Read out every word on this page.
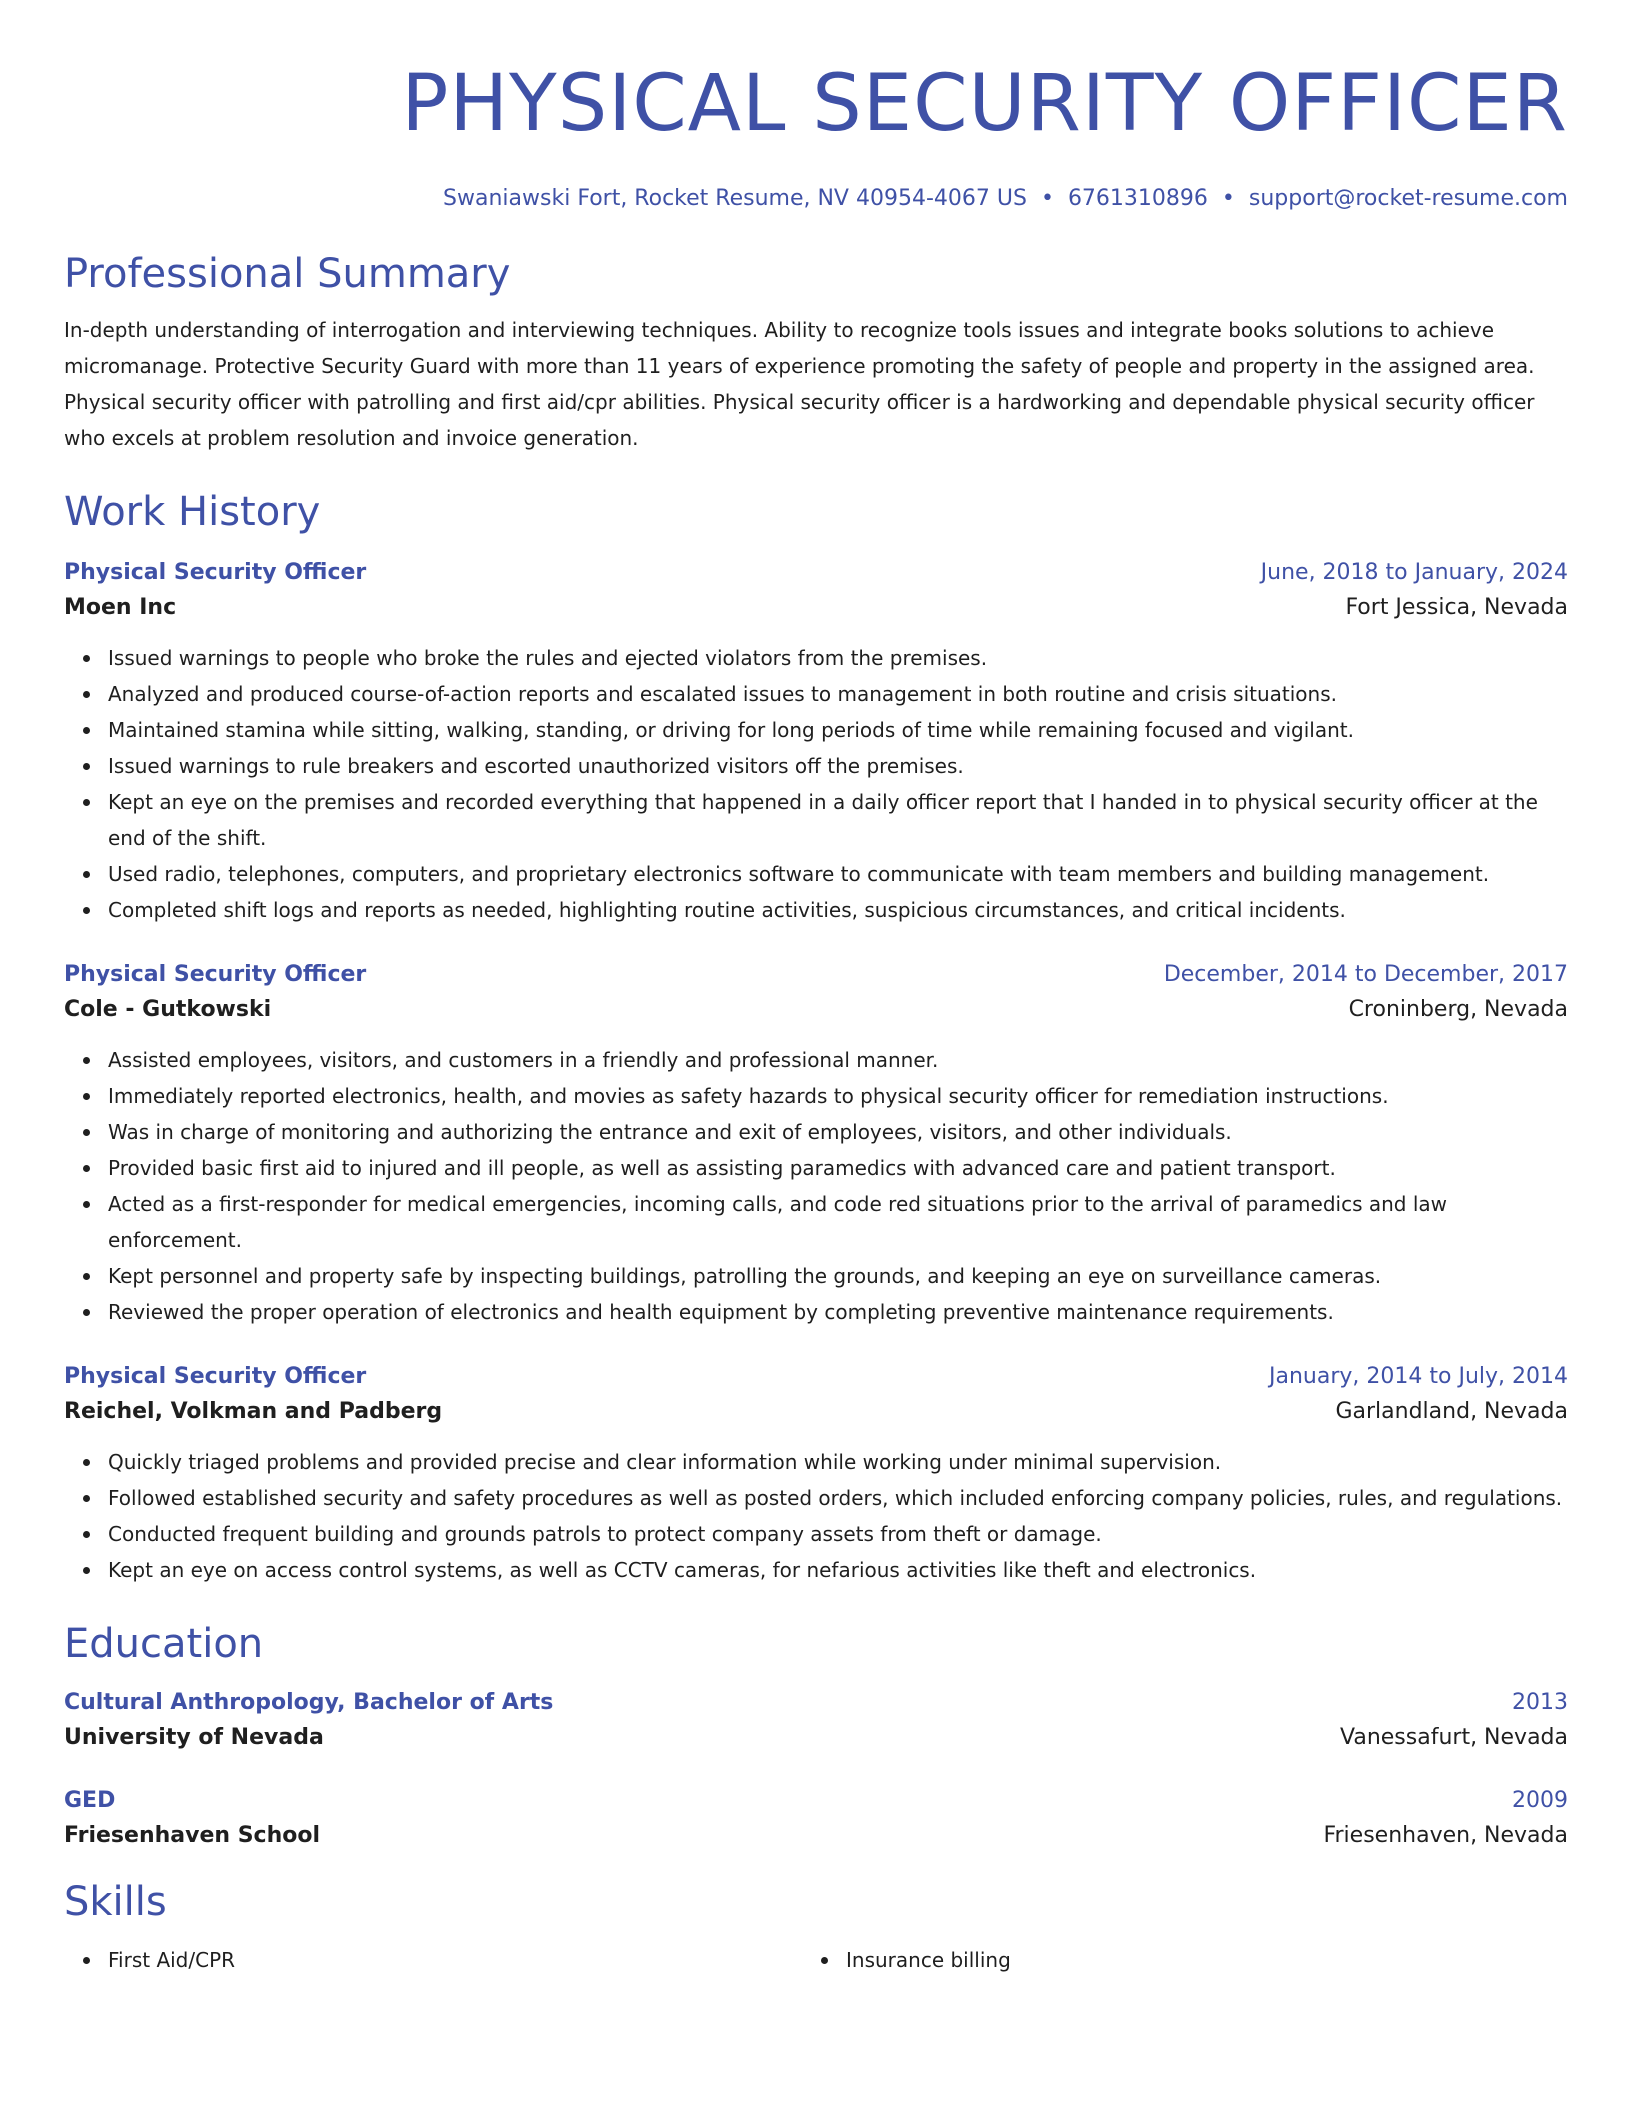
PHYSICAL SECURITY OFFICER
Swaniawski Fort, Rocket Resume, NV 40954-4067 US • 6761310896 • support@rocket-resume.com
Professional Summary
In-depth understanding of interrogation and interviewing techniques. Ability to recognize tools issues and integrate books solutions to achieve micromanage. Protective Security Guard with more than 11 years of experience promoting the safety of people and property in the assigned area. Physical security officer with patrolling and first aid/cpr abilities. Physical security officer is a hardworking and dependable physical security officer who excels at problem resolution and invoice generation.
Work History
Physical Security Officer	June, 2018 to January, 2024
Moen Inc	Fort Jessica, Nevada
Issued warnings to people who broke the rules and ejected violators from the premises.
Analyzed and produced course-of-action reports and escalated issues to management in both routine and crisis situations.
Maintained stamina while sitting, walking, standing, or driving for long periods of time while remaining focused and vigilant.
Issued warnings to rule breakers and escorted unauthorized visitors off the premises.
Kept an eye on the premises and recorded everything that happened in a daily officer report that I handed in to physical security officer at the end of the shift.
Used radio, telephones, computers, and proprietary electronics software to communicate with team members and building management.
Completed shift logs and reports as needed, highlighting routine activities, suspicious circumstances, and critical incidents.
Physical Security Officer	December, 2014 to December, 2017
Cole - Gutkowski	Croninberg, Nevada
Assisted employees, visitors, and customers in a friendly and professional manner.
Immediately reported electronics, health, and movies as safety hazards to physical security officer for remediation instructions.
Was in charge of monitoring and authorizing the entrance and exit of employees, visitors, and other individuals.
Provided basic first aid to injured and ill people, as well as assisting paramedics with advanced care and patient transport.
Acted as a first-responder for medical emergencies, incoming calls, and code red situations prior to the arrival of paramedics and law enforcement.
Kept personnel and property safe by inspecting buildings, patrolling the grounds, and keeping an eye on surveillance cameras.
Reviewed the proper operation of electronics and health equipment by completing preventive maintenance requirements.
Physical Security Officer	January, 2014 to July, 2014
Reichel, Volkman and Padberg	Garlandland, Nevada
Quickly triaged problems and provided precise and clear information while working under minimal supervision.
Followed established security and safety procedures as well as posted orders, which included enforcing company policies, rules, and regulations.
Conducted frequent building and grounds patrols to protect company assets from theft or damage.
Kept an eye on access control systems, as well as CCTV cameras, for nefarious activities like theft and electronics.
Education
Cultural Anthropology, Bachelor of Arts	2013
University of Nevada	Vanessafurt, Nevada
GED	2009
Friesenhaven School	Friesenhaven, Nevada
Skills
First Aid/CPR	Insurance billing
